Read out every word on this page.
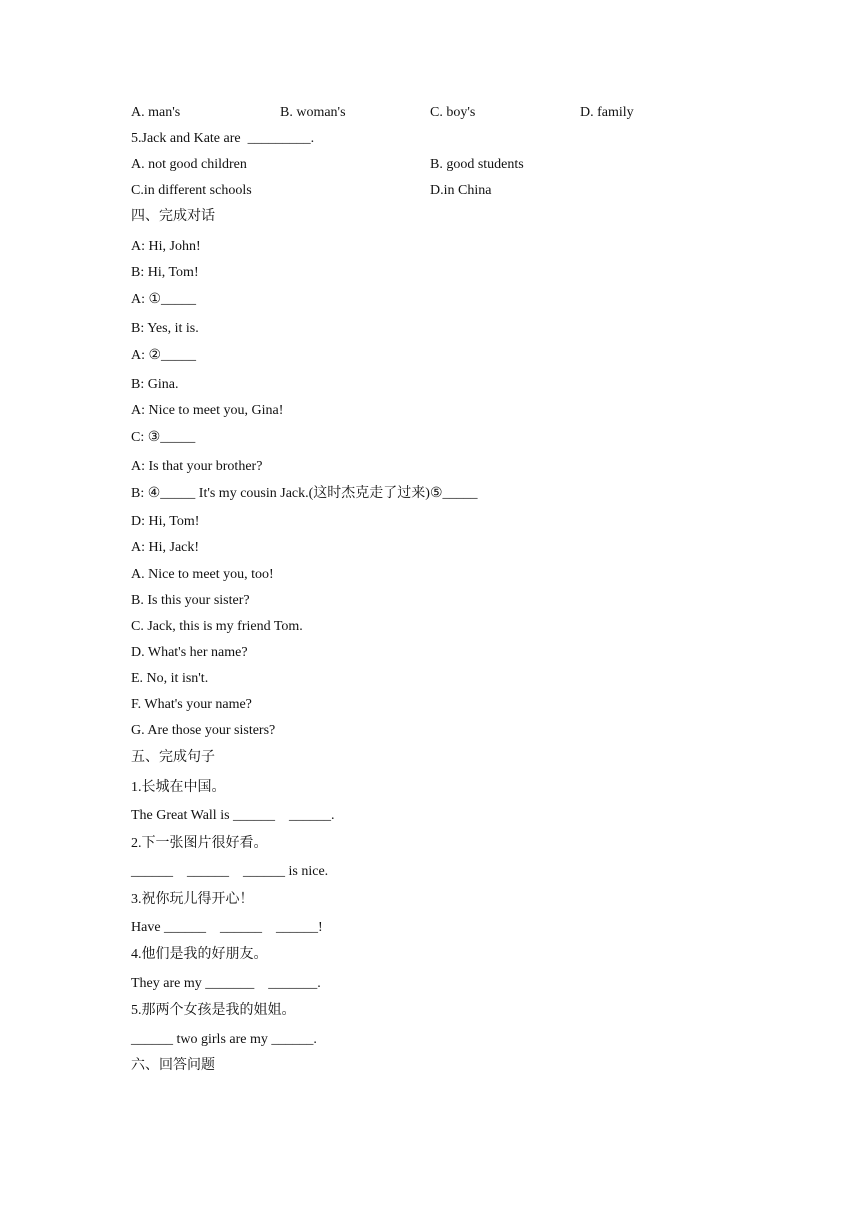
A. man's	B. woman's	C. boy's	D. family
5.Jack and Kate are  _________.
A. not good children	B. good students
C.in different schools	D.in China
四、完成对话
A: Hi, John!
B: Hi, Tom!
A: ①_____
B: Yes, it is.
A: ②_____
B: Gina.
A: Nice to meet you, Gina!
C: ③_____
A: Is that your brother?
B: ④_____ It's my cousin Jack.(这时杰克走了过来)⑤_____
D: Hi, Tom!
A: Hi, Jack!
A. Nice to meet you, too!
B. Is this your sister?
C. Jack, this is my friend Tom.
D. What's her name?
E. No, it isn't.
F. What's your name?
G. Are those your sisters?
五、完成句子
1.长城在中国。
The Great Wall is ______    ______.
2.下一张图片很好看。
______    ______    ______ is nice.
3.祝你玩儿得开心！
Have ______    ______    ______!
4.他们是我的好朋友。
They are my _______    _______.
5.那两个女孩是我的姐姐。
______ two girls are my ______.
六、回答问题
